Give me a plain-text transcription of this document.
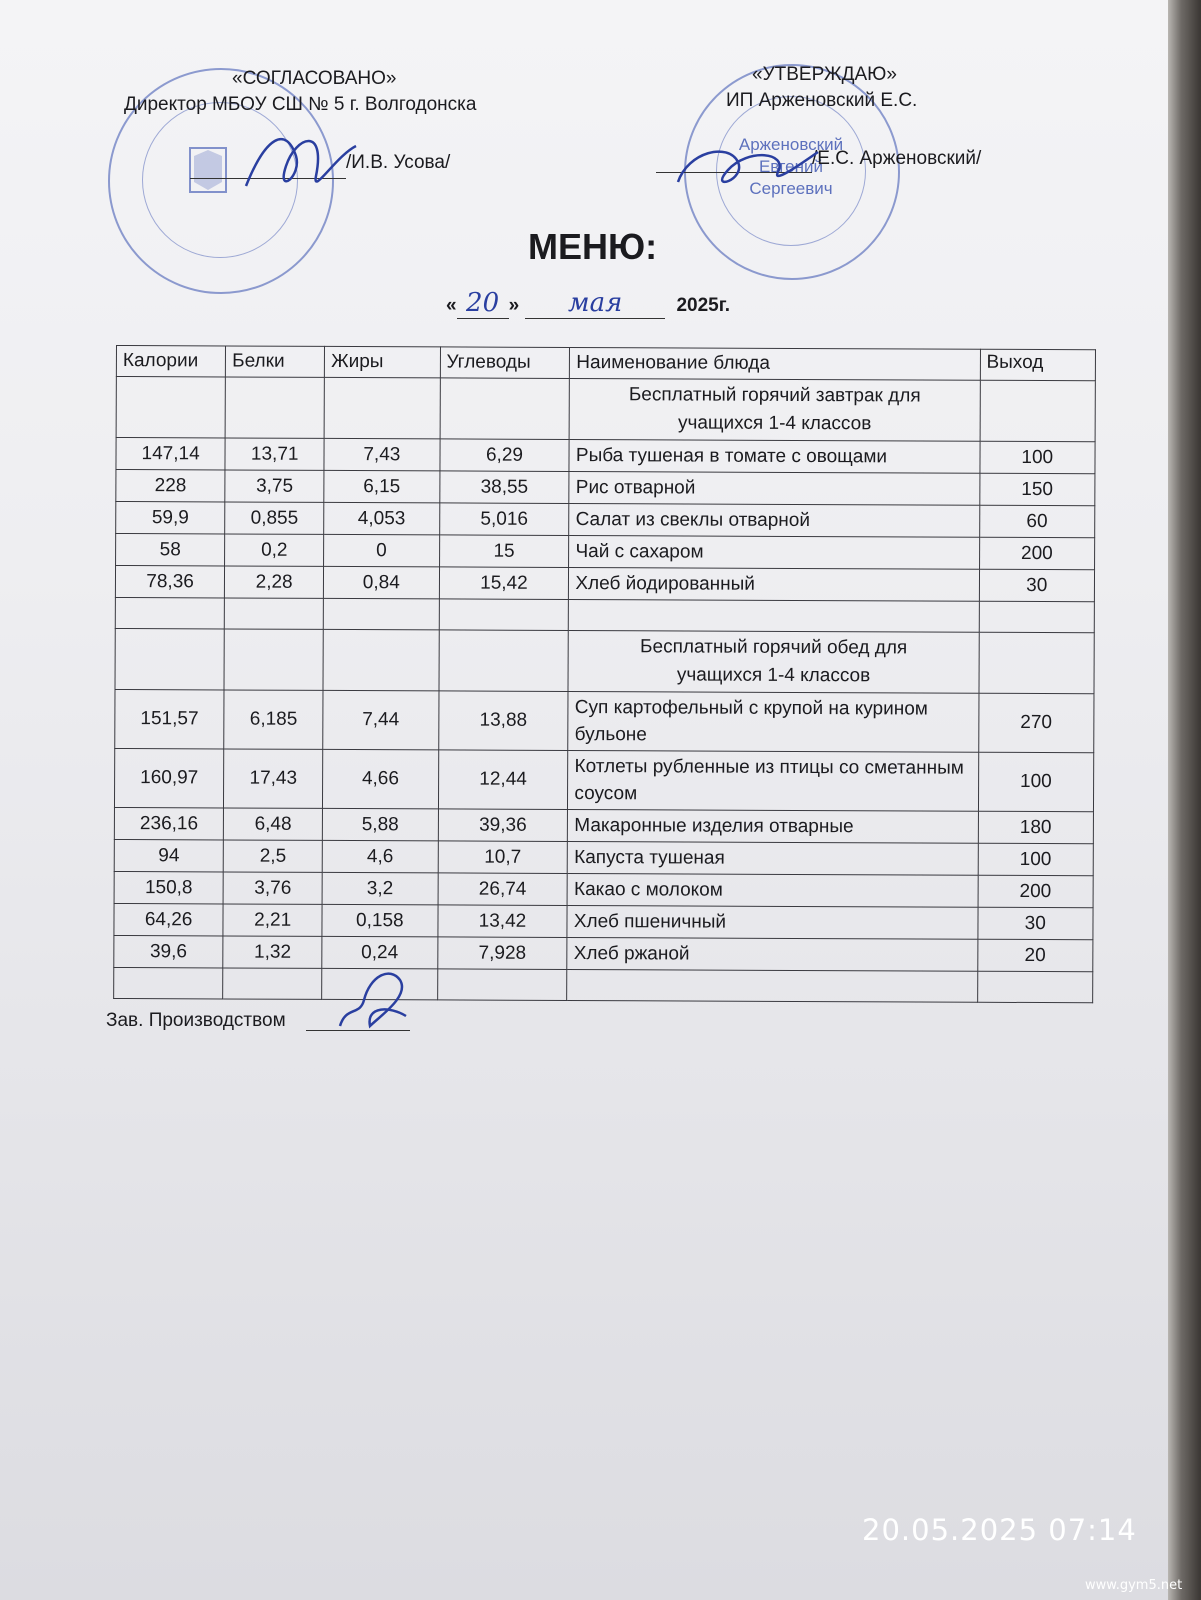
Арженовский Евгений Сергеевич
«СОГЛАСОВАНО»
Директор МБОУ СШ № 5 г. Волгодонска
/И.В. Усова/
«УТВЕРЖДАЮ»
ИП Арженовский Е.С.
/Е.С. Арженовский/
МЕНЮ:
« 20 » мая	2025г.
Калории	Белки	Жиры	Углеводы	Наименование блюда	Выход

				Бесплатный горячий завтрак для
учащихся 1-4 классов	

147,14	13,71	7,43	6,29	Рыба тушеная в томате с овощами	100
228	3,75	6,15	38,55	Рис отварной	150
59,9	0,855	4,053	5,016	Салат из свеклы отварной	60
58	0,2	0	15	Чай с сахаром	200
78,36	2,28	0,84	15,42	Хлеб йодированный	30

				Бесплатный горячий обед для
учащихся 1-4 классов	

151,57	6,185	7,44	13,88	Суп картофельный с крупой на курином бульоне	270
160,97	17,43	4,66	12,44	Котлеты рубленные из птицы со сметанным соусом	100
236,16	6,48	5,88	39,36	Макаронные изделия отварные	180
94	2,5	4,6	10,7	Капуста тушеная	100
150,8	3,76	3,2	26,74	Какао с молоком	200
64,26	2,21	0,158	13,42	Хлеб пшеничный	30
39,6	1,32	0,24	7,928	Хлеб ржаной	20

Зав. Производством
20.05.2025 07:14
www.gym5.net
